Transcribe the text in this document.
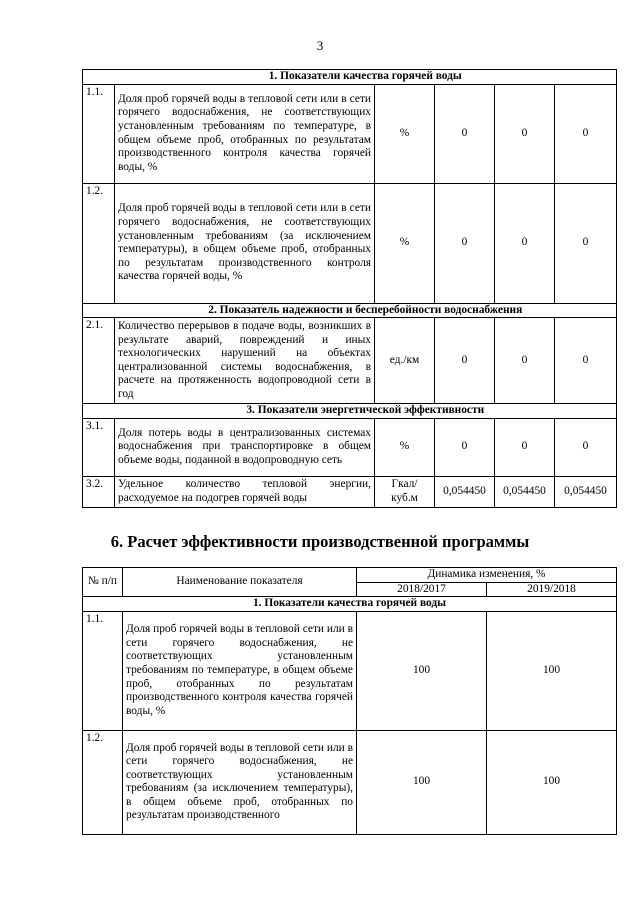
3
	1. Показатели качества горячей воды				
1.1.	Доля проб горячей воды в тепловой сети или в сети горячего водоснабжения, не соответствующих установленным требованиям по температуре, в общем объеме проб, отобранных по результатам производственного контроля качества горячей воды, %	%	0	0	0
1.2.	Доля проб горячей воды в тепловой сети или в сети горячего водоснабжения, не соответствующих установленным требованиям (за исключением температуры), в общем объеме проб, отобранных по результатам производственного контроля качества горячей воды, %	%	0	0	0
	2. Показатель надежности и бесперебойности водоснабжения				
2.1.	Количество перерывов в подаче воды, возникших в результате аварий, повреждений и иных технологических нарушений на объектах централизованной системы водоснабжения, в расчете на протяженность водопроводной сети в год	ед./км	0	0	0
	3. Показатели энергетической эффективности				
3.1.	Доля потерь воды в централизованных системах водоснабжения при транспортировке в общем объеме воды, поданной в водопроводную сеть	%	0	0	0
3.2.	Удельное количество тепловой энергии, расходуемое на подогрев горячей воды	Гкал/ куб.м	0,054450	0,054450	0,054450
6. Расчет эффективности производственной программы
№ п/п	Наименование показателя	Динамика изменения, %	
		2018/2017	2019/2018
1. Показатели качества горячей воды			
1.1.	Доля проб горячей воды в тепловой сети или в сети горячего водоснабжения, не соответствующих установленным требованиям по температуре, в общем объеме проб, отобранных по результатам производственного контроля качества горячей воды, %	100	100
1.2.	Доля проб горячей воды в тепловой сети или в сети горячего водоснабжения, не соответствующих установленным требованиям (за исключением температуры), в общем объеме проб, отобранных по результатам производственного	100	100
